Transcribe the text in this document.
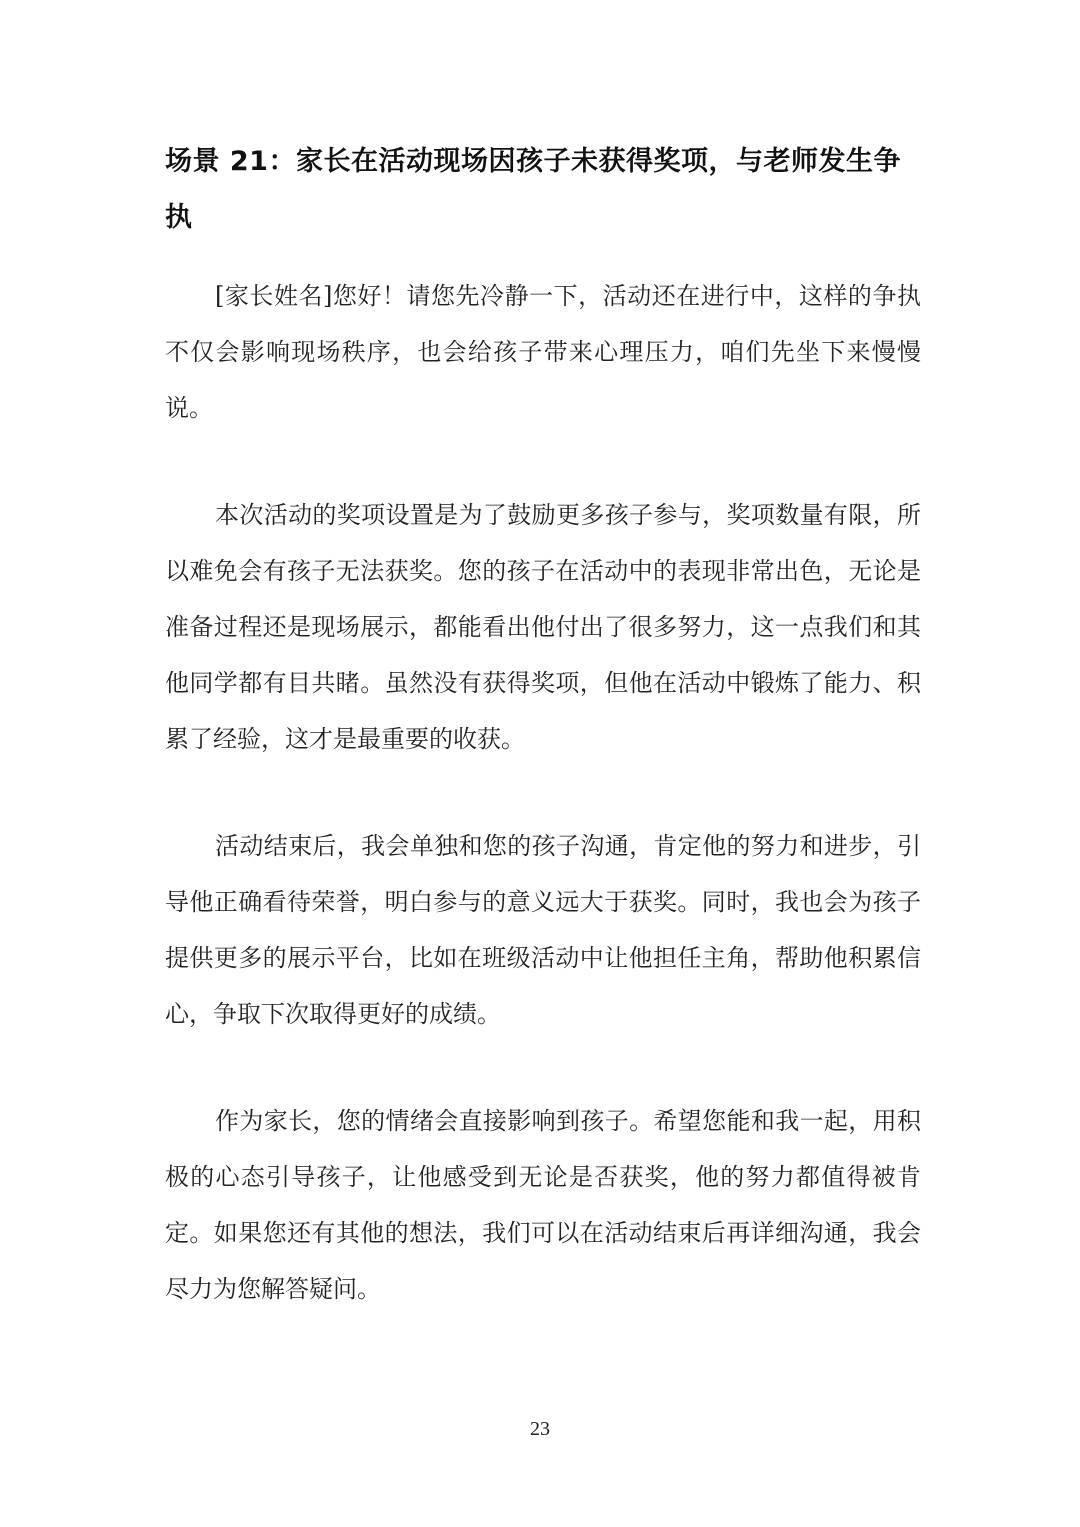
场景 21：家长在活动现场因孩子未获得奖项，与老师发生争执

[家长姓名]您好！请您先冷静一下，活动还在进行中，这样的争执不仅会影响现场秩序，也会给孩子带来心理压力，咱们先坐下来慢慢说。

本次活动的奖项设置是为了鼓励更多孩子参与，奖项数量有限，所以难免会有孩子无法获奖。您的孩子在活动中的表现非常出色，无论是准备过程还是现场展示，都能看出他付出了很多努力，这一点我们和其他同学都有目共睹。虽然没有获得奖项，但他在活动中锻炼了能力、积累了经验，这才是最重要的收获。

活动结束后，我会单独和您的孩子沟通，肯定他的努力和进步，引导他正确看待荣誉，明白参与的意义远大于获奖。同时，我也会为孩子提供更多的展示平台，比如在班级活动中让他担任主角，帮助他积累信心，争取下次取得更好的成绩。

作为家长，您的情绪会直接影响到孩子。希望您能和我一起，用积极的心态引导孩子，让他感受到无论是否获奖，他的努力都值得被肯定。如果您还有其他的想法，我们可以在活动结束后再详细沟通，我会尽力为您解答疑问。

23
